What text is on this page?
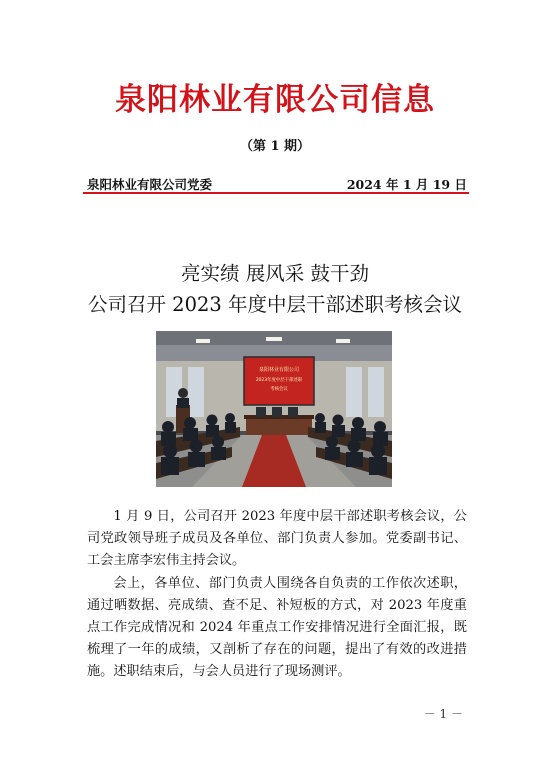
泉阳林业有限公司信息
（第 1 期）
泉阳林业有限公司党委	2024 年 1 月 19 日
亮实绩 展风采 鼓干劲
公司召开 2023 年度中层干部述职考核会议
泉阳林业有限公司
2023年度中层干部述职
考核会议

1 月 9 日，公司召开 2023 年度中层干部述职考核会议，公司党政领导班子成员及各单位、部门负责人参加。党委副书记、工会主席李宏伟主持会议。

会上，各单位、部门负责人围绕各自负责的工作依次述职，通过晒数据、亮成绩、查不足、补短板的方式，对 2023 年度重点工作完成情况和 2024 年重点工作安排情况进行全面汇报，既梳理了一年的成绩，又剖析了存在的问题，提出了有效的改进措施。述职结束后，与会人员进行了现场测评。

－ 1 －
